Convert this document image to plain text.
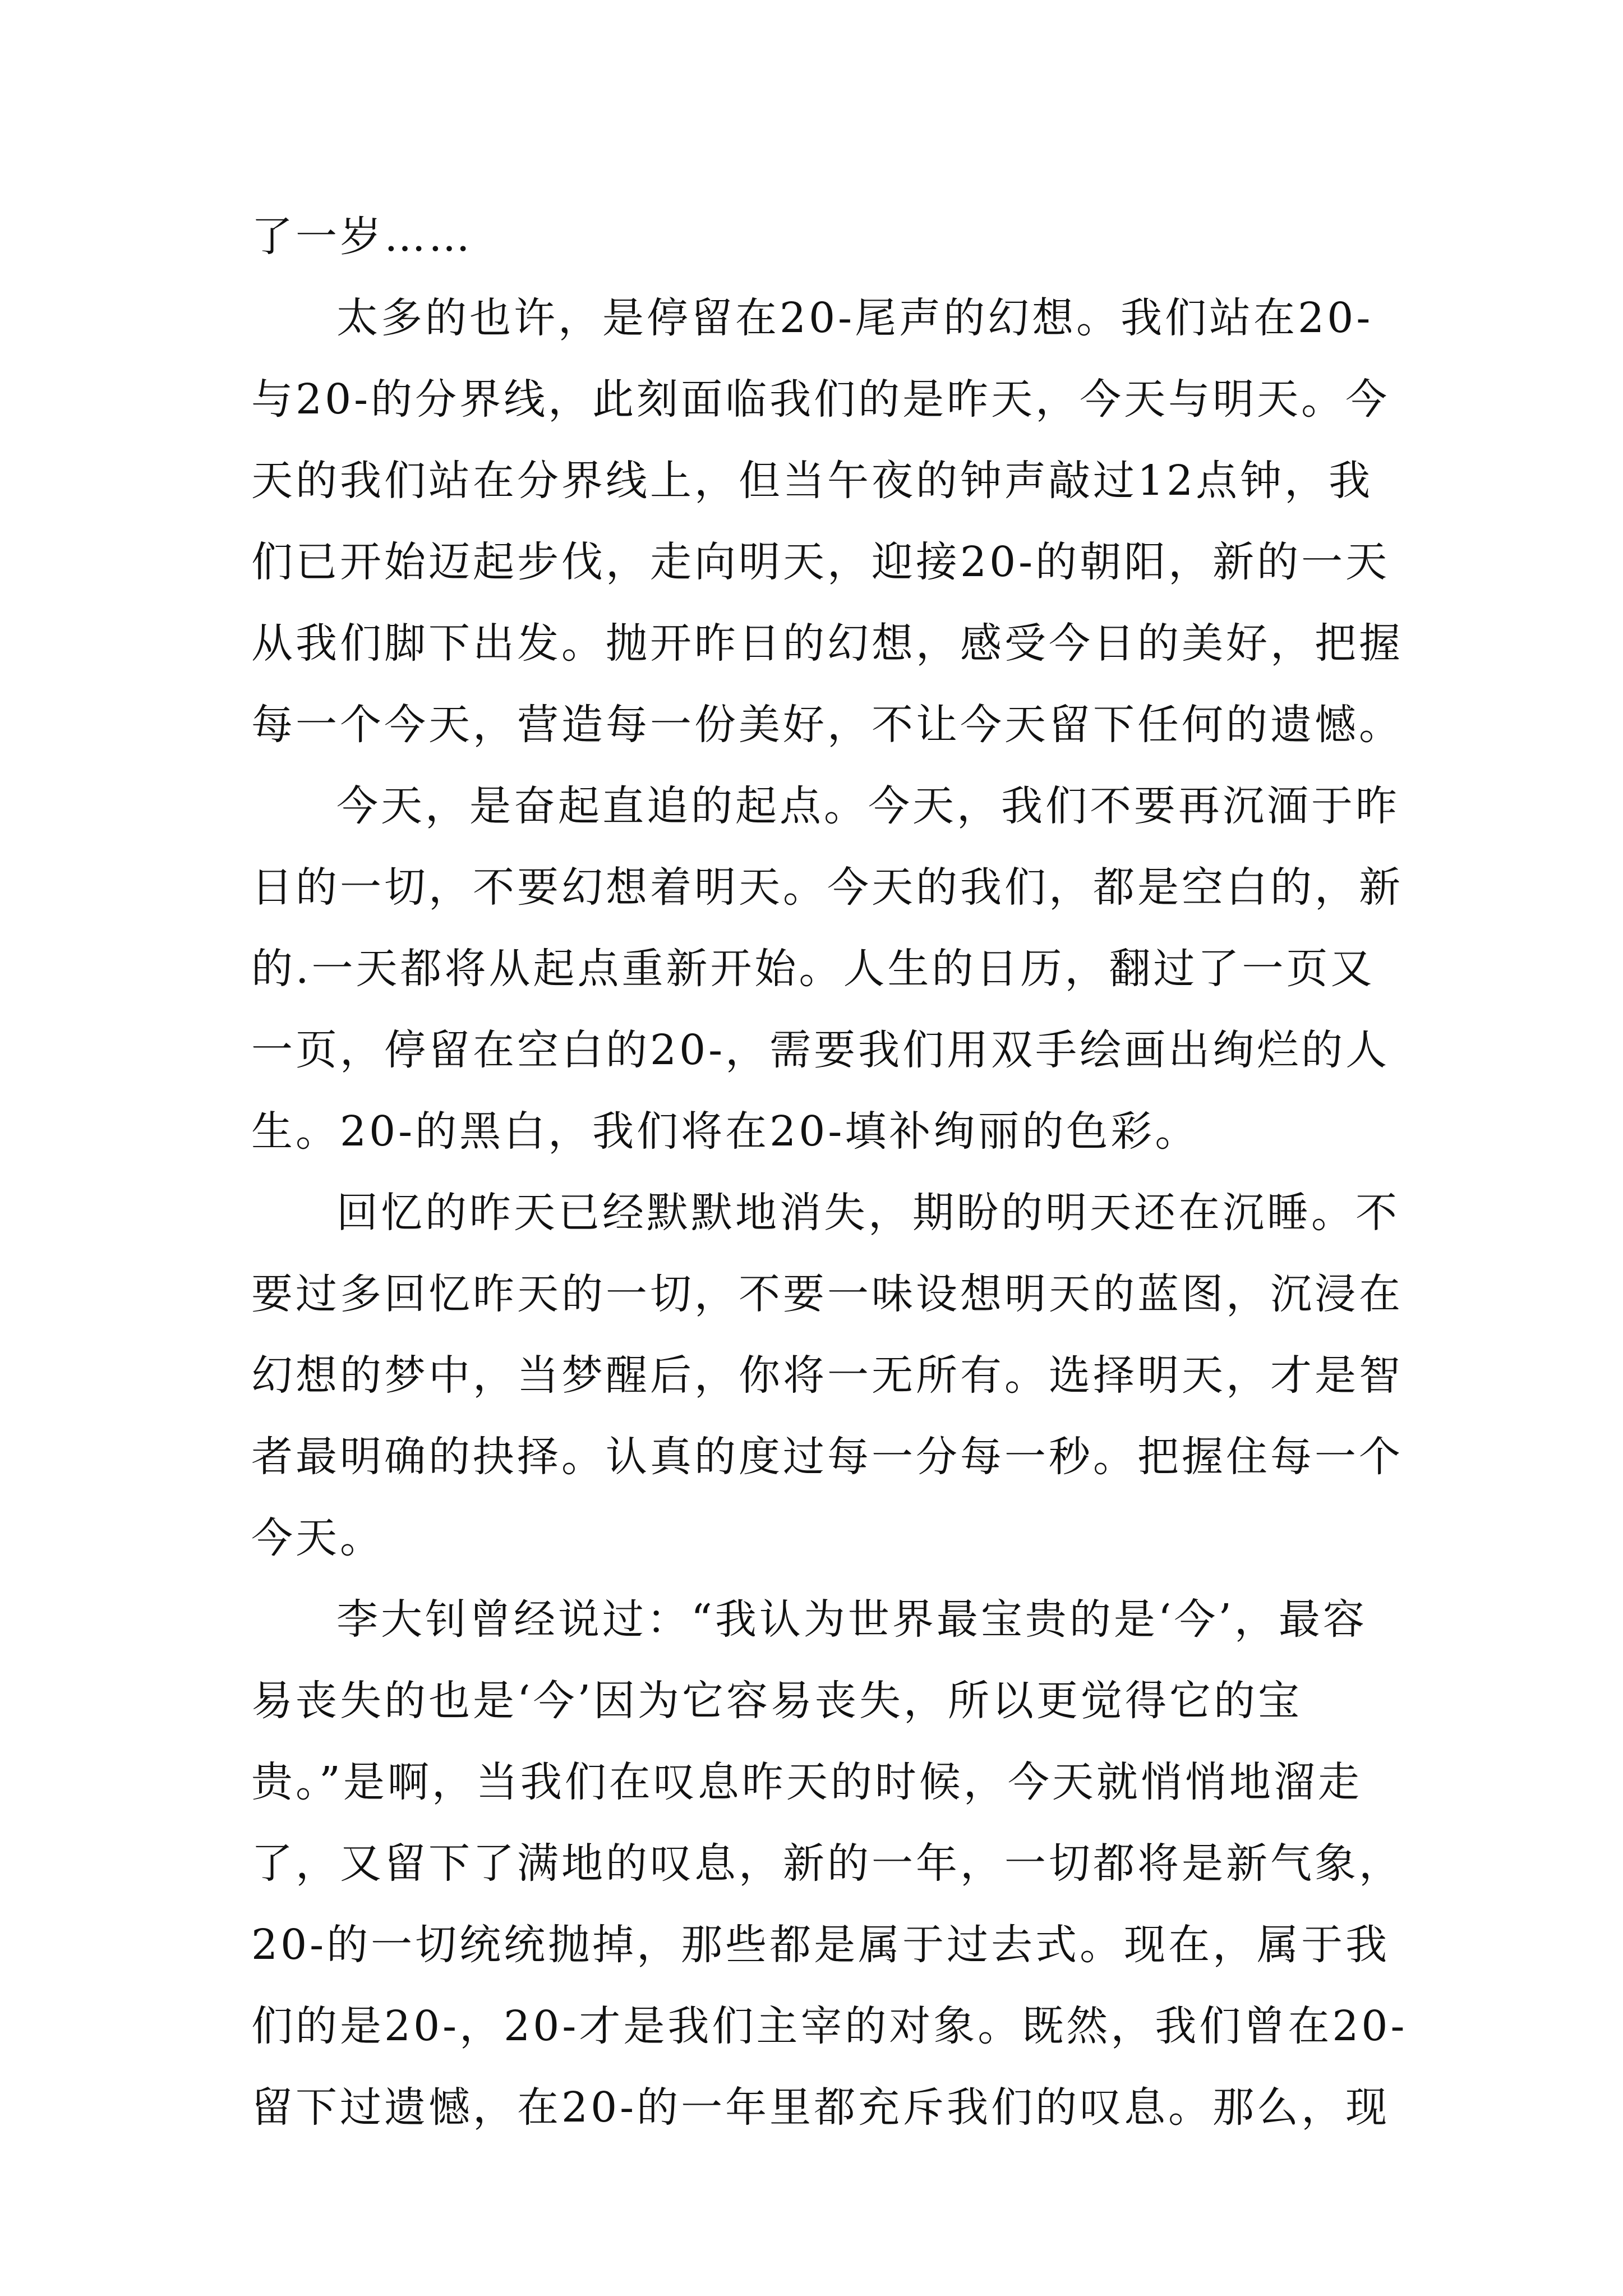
了一岁……
太多的也许，是停留在20-尾声的幻想。我们站在20-
与20-的分界线，此刻面临我们的是昨天，今天与明天。今
天的我们站在分界线上，但当午夜的钟声敲过12点钟，我
们已开始迈起步伐，走向明天，迎接20-的朝阳，新的一天
从我们脚下出发。抛开昨日的幻想，感受今日的美好，把握
每一个今天，营造每一份美好，不让今天留下任何的遗憾。
今天，是奋起直追的起点。今天，我们不要再沉湎于昨
日的一切，不要幻想着明天。今天的我们，都是空白的，新
的.一天都将从起点重新开始。人生的日历，翻过了一页又
一页，停留在空白的20-，需要我们用双手绘画出绚烂的人
生。20-的黑白，我们将在20-填补绚丽的色彩。
回忆的昨天已经默默地消失，期盼的明天还在沉睡。不
要过多回忆昨天的一切，不要一味设想明天的蓝图，沉浸在
幻想的梦中，当梦醒后，你将一无所有。选择明天，才是智
者最明确的抉择。认真的度过每一分每一秒。把握住每一个
今天。
李大钊曾经说过：“我认为世界最宝贵的是‘今’，最容
易丧失的也是‘今’因为它容易丧失，所以更觉得它的宝
贵。”是啊，当我们在叹息昨天的时候，今天就悄悄地溜走
了，又留下了满地的叹息，新的一年，一切都将是新气象，
20-的一切统统抛掉，那些都是属于过去式。现在，属于我
们的是20-，20-才是我们主宰的对象。既然，我们曾在20-
留下过遗憾，在20-的一年里都充斥我们的叹息。那么，现
